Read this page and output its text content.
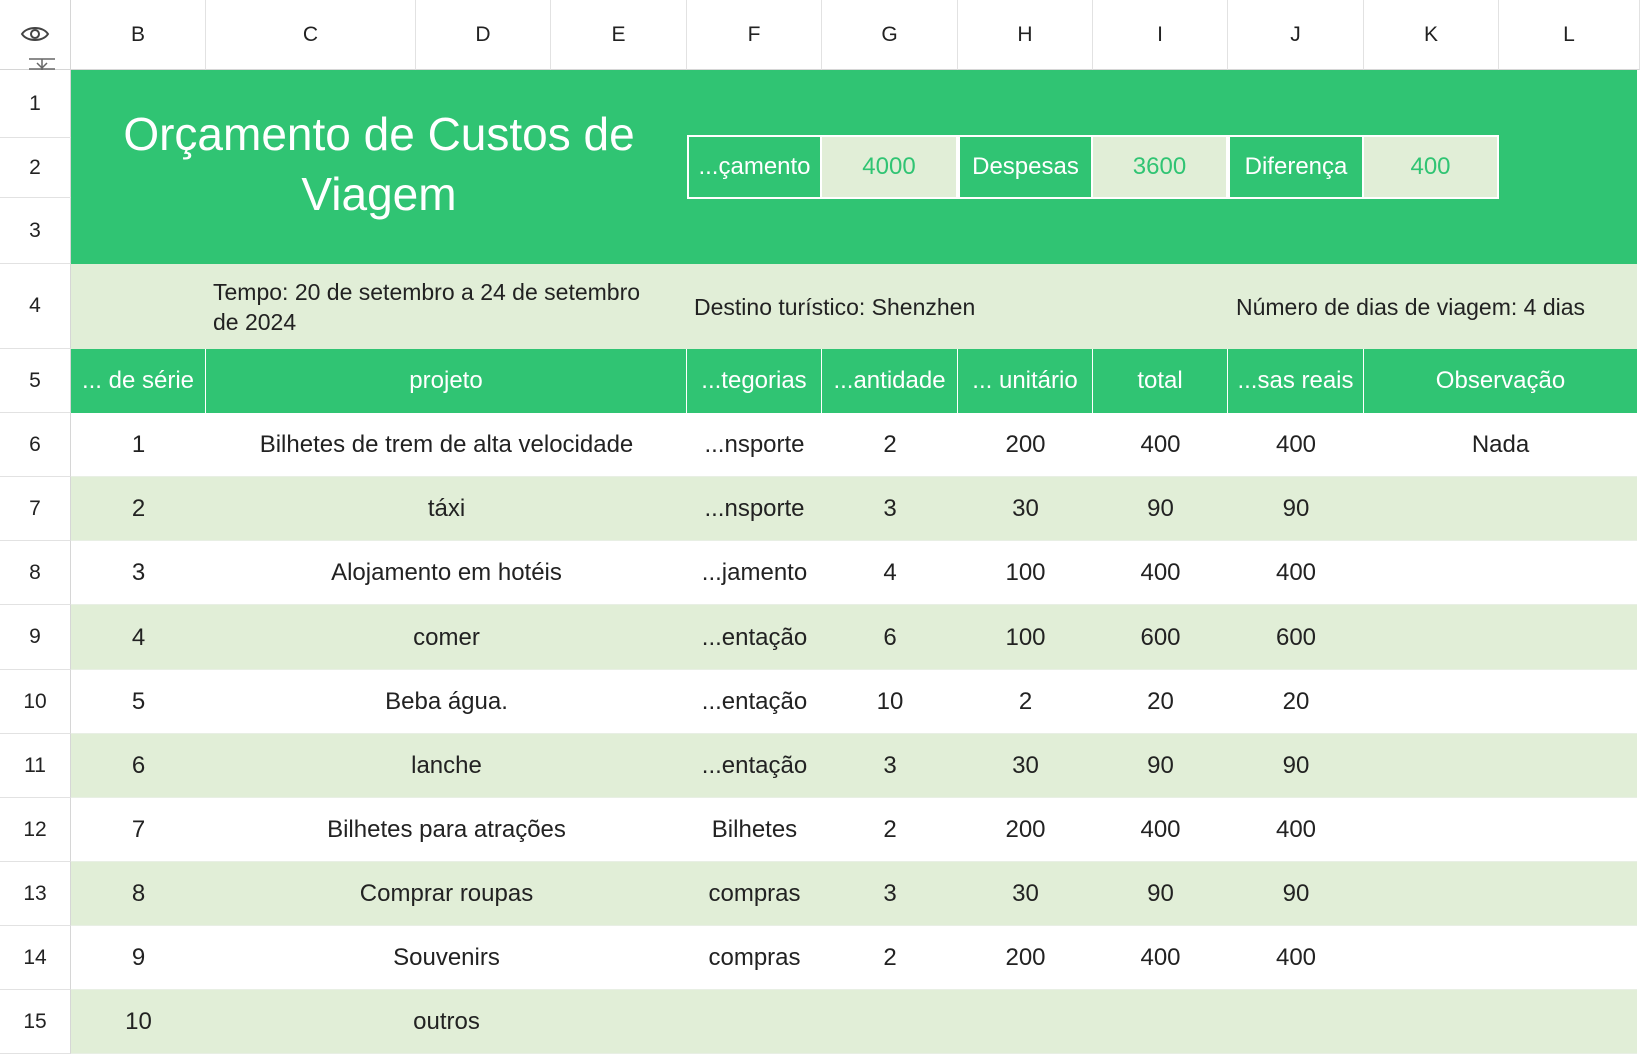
B	C	D	E	F	G	H	I	J	K	L
1
2
3
4
5
6
7
8
9
10
11
12
13
14
15
Orçamento de Custos de Viagem
...çamento	4000	Despesas	3600	Diferença	400
Tempo: 20 de setembro a 24 de setembro de 2024
Destino turístico: Shenzhen	Número de dias de viagem: 4 dias
... de série	projeto	...tegorias	...antidade	... unitário	total	...sas reais	Observação
1	Bilhetes de trem de alta velocidade	...nsporte	2	200	400	400	Nada
2	táxi	...nsporte	3	30	90	90
3	Alojamento em hotéis	...jamento	4	100	400	400
4	comer	...entação	6	100	600	600
5	Beba água.	...entação	10	2	20	20
6	lanche	...entação	3	30	90	90
7	Bilhetes para atrações	Bilhetes	2	200	400	400
8	Comprar roupas	compras	3	30	90	90
9	Souvenirs	compras	2	200	400	400
10	outros
